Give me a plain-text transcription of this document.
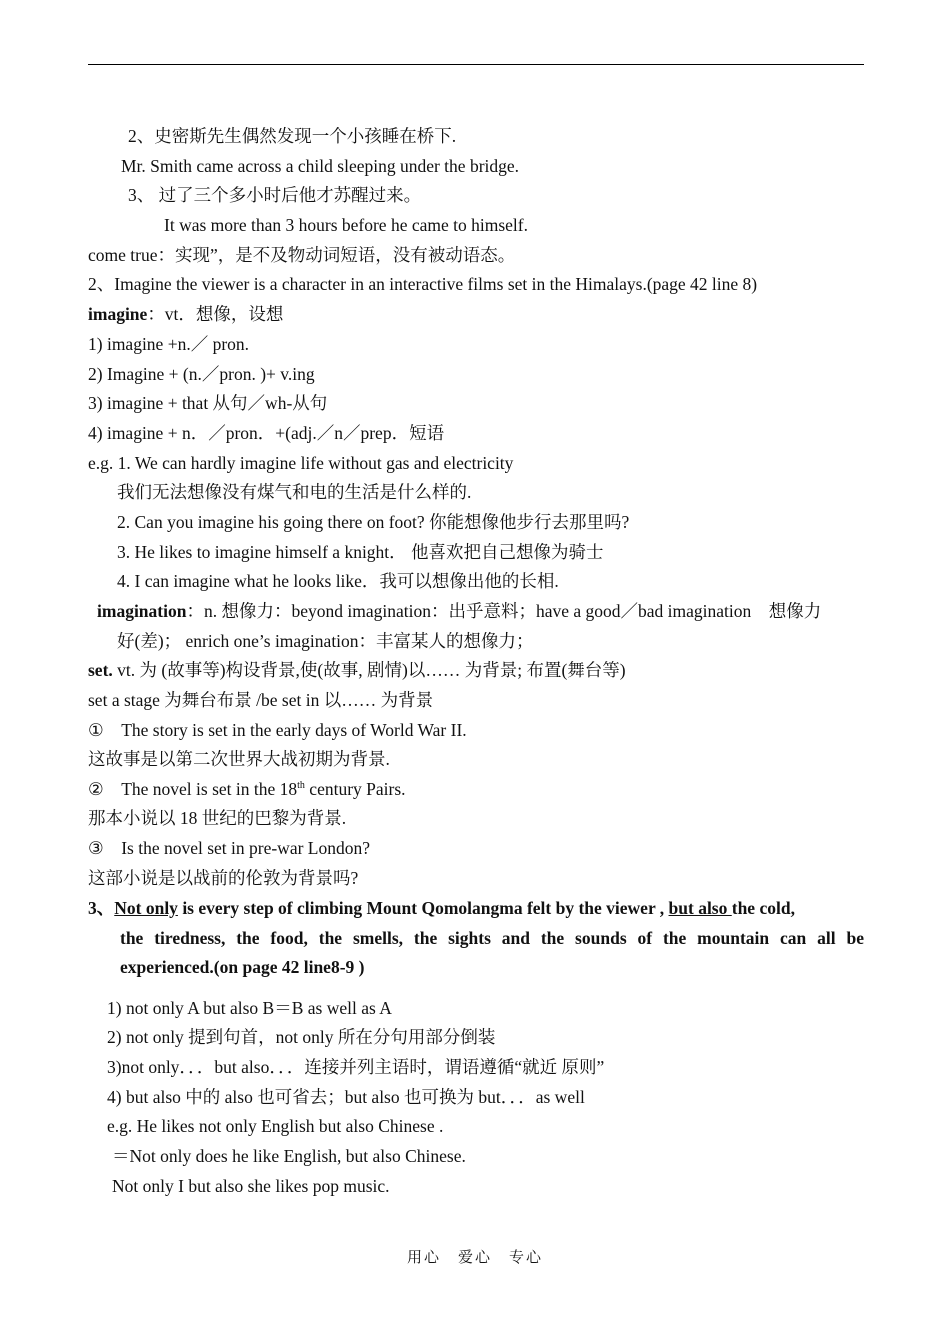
2、史密斯先生偶然发现一个小孩睡在桥下.
Mr. Smith came across a child sleeping under the bridge.
3、 过了三个多小时后他才苏醒过来。
It was more than 3 hours before he came to himself.
come true：实现”，是不及物动词短语，没有被动语态。
2、Imagine the viewer is a character in an interactive films set in the Himalays.(page 42 line 8)
imagine：vt．想像，设想
1) imagine +n.／ pron.
2) Imagine + (n.／pron. )+ v.ing
3) imagine + that 从句／wh-从句
4) imagine + n．／pron．+(adj.／n／prep．短语
e.g. 1. We can hardly imagine life without gas and electricity
我们无法想像没有煤气和电的生活是什么样的.
2. Can you imagine his going there on foot? 你能想像他步行去那里吗?
3. He likes to imagine himself a knight． 他喜欢把自己想像为骑士
4. I can imagine what he looks like．我可以想像出他的长相.
imagination：n. 想像力：beyond imagination：出乎意料；have a good／bad imagination　想像力
好(差)； enrich one’s imagination：丰富某人的想像力；
set. vt. 为 (故事等)构设背景,使(故事, 剧情)以…… 为背景; 布置(舞台等)
set a stage 为舞台布景 /be set in 以…… 为背景
①　The story is set in the early days of World War II.
这故事是以第二次世界大战初期为背景.
②　The novel is set in the 18th century Pairs.
那本小说以 18 世纪的巴黎为背景.
③　Is the novel set in pre-war London?
这部小说是以战前的伦敦为背景吗?
3、Not only is every step of climbing Mount Qomolangma felt by the viewer , but also the cold,
the tiredness, the food, the smells, the sights and the sounds of the mountain can all be
experienced.(on page 42 line8-9 )
1) not only A but also B＝B as well as A
2) not only 提到句首，not only 所在分句用部分倒装
3)not only．．．but also．．．连接并列主语时，谓语遵循“就近 原则”
4) but also 中的 also 也可省去；but also 也可换为 but．．．as well
e.g. He likes not only English but also Chinese .
＝Not only does he like English, but also Chinese.
Not only I but also she likes pop music.
用心　爱心　专心
